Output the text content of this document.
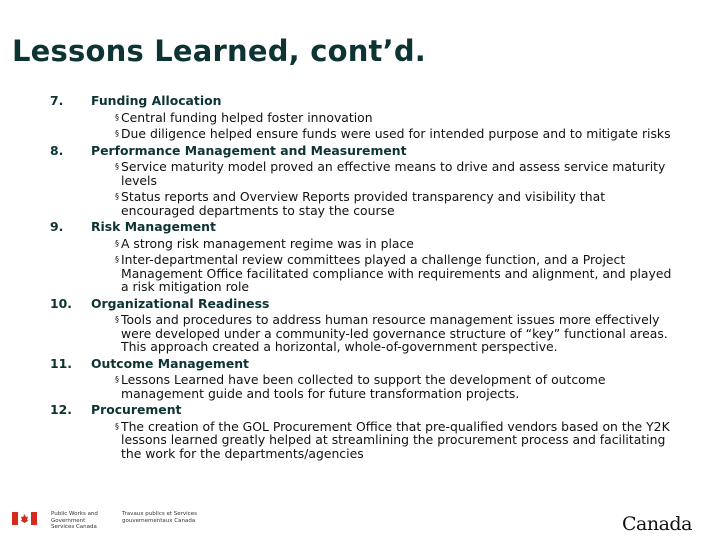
Lessons Learned, cont’d.
7.	Funding Allocation
§ Central funding helped foster innovation
§ Due diligence helped ensure funds were used for intended purpose and to mitigate risks
8.	Performance Management and Measurement
§ Service maturity model proved an effective means to drive and assess service maturity levels
§ Status reports and Overview Reports provided transparency and visibility that encouraged departments to stay the course
9.	Risk Management
§ A strong risk management regime was in place
§ Inter-departmental review committees played a challenge function, and a Project Management Office facilitated compliance with requirements and alignment, and played a risk mitigation role
10.	Organizational Readiness
§ Tools and procedures to address human resource management issues more effectively were developed under a community-led governance structure of “key” functional areas. This approach created a horizontal, whole-of-government perspective.
11.	Outcome Management
§ Lessons Learned have been collected to support the development of outcome management guide and tools for future transformation projects.
12.	Procurement
§ The creation of the GOL Procurement Office that pre-qualified vendors based on the Y2K lessons learned greatly helped at streamlining the procurement process and facilitating the work for the departments/agencies
Public Works and Government Services Canada
Travaux publics et Services gouvernementaux Canada	Canada
